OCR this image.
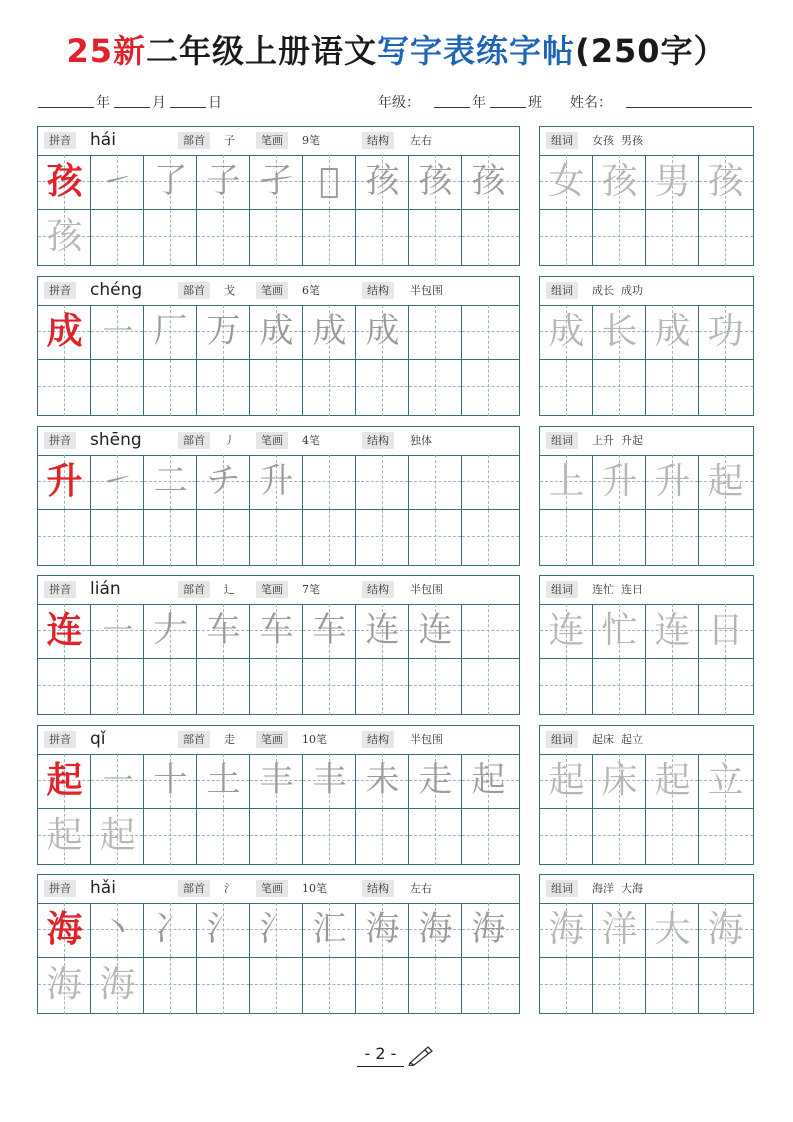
25新二年级上册语文写字表练字帖(250字）
年	月	日	年级：	年	班 姓名：
拼音 hái	部首	子	笔画	9笔	结构	左右
孩 ㇀ 了 子 孑 𡤼 孩 孩 孩
孩
组词	女孩  男孩
女 孩 男 孩
拼音 chéng	部首	戈	笔画	6笔	结构	半包围
成 ㇐ 厂 万 成 成 成
组词	成长  成功
成 长 成 功
拼音 shēng	部首	丿	笔画	4笔	结构	独体
升 ㇀ 二 チ 升
组词	上升  升起
上 升 升 起
拼音 lián	部首	辶	笔画	7笔	结构	半包围
连 ㇐ 𠂇 车 车 车 连 连
组词	连忙  连日
连 忙 连 日
拼音 qǐ	部首	走	笔画	10笔	结构	半包围
起 ㇐ 十 土 丰 丰 未 走 起
起 起
组词	起床  起立
起 床 起 立
拼音 hǎi	部首	氵	笔画	10笔	结构	左右
海 丶 冫 氵 氵 汇 海 海 海
海 海
组词	海洋  大海
海 洋 大 海
- 2 -
